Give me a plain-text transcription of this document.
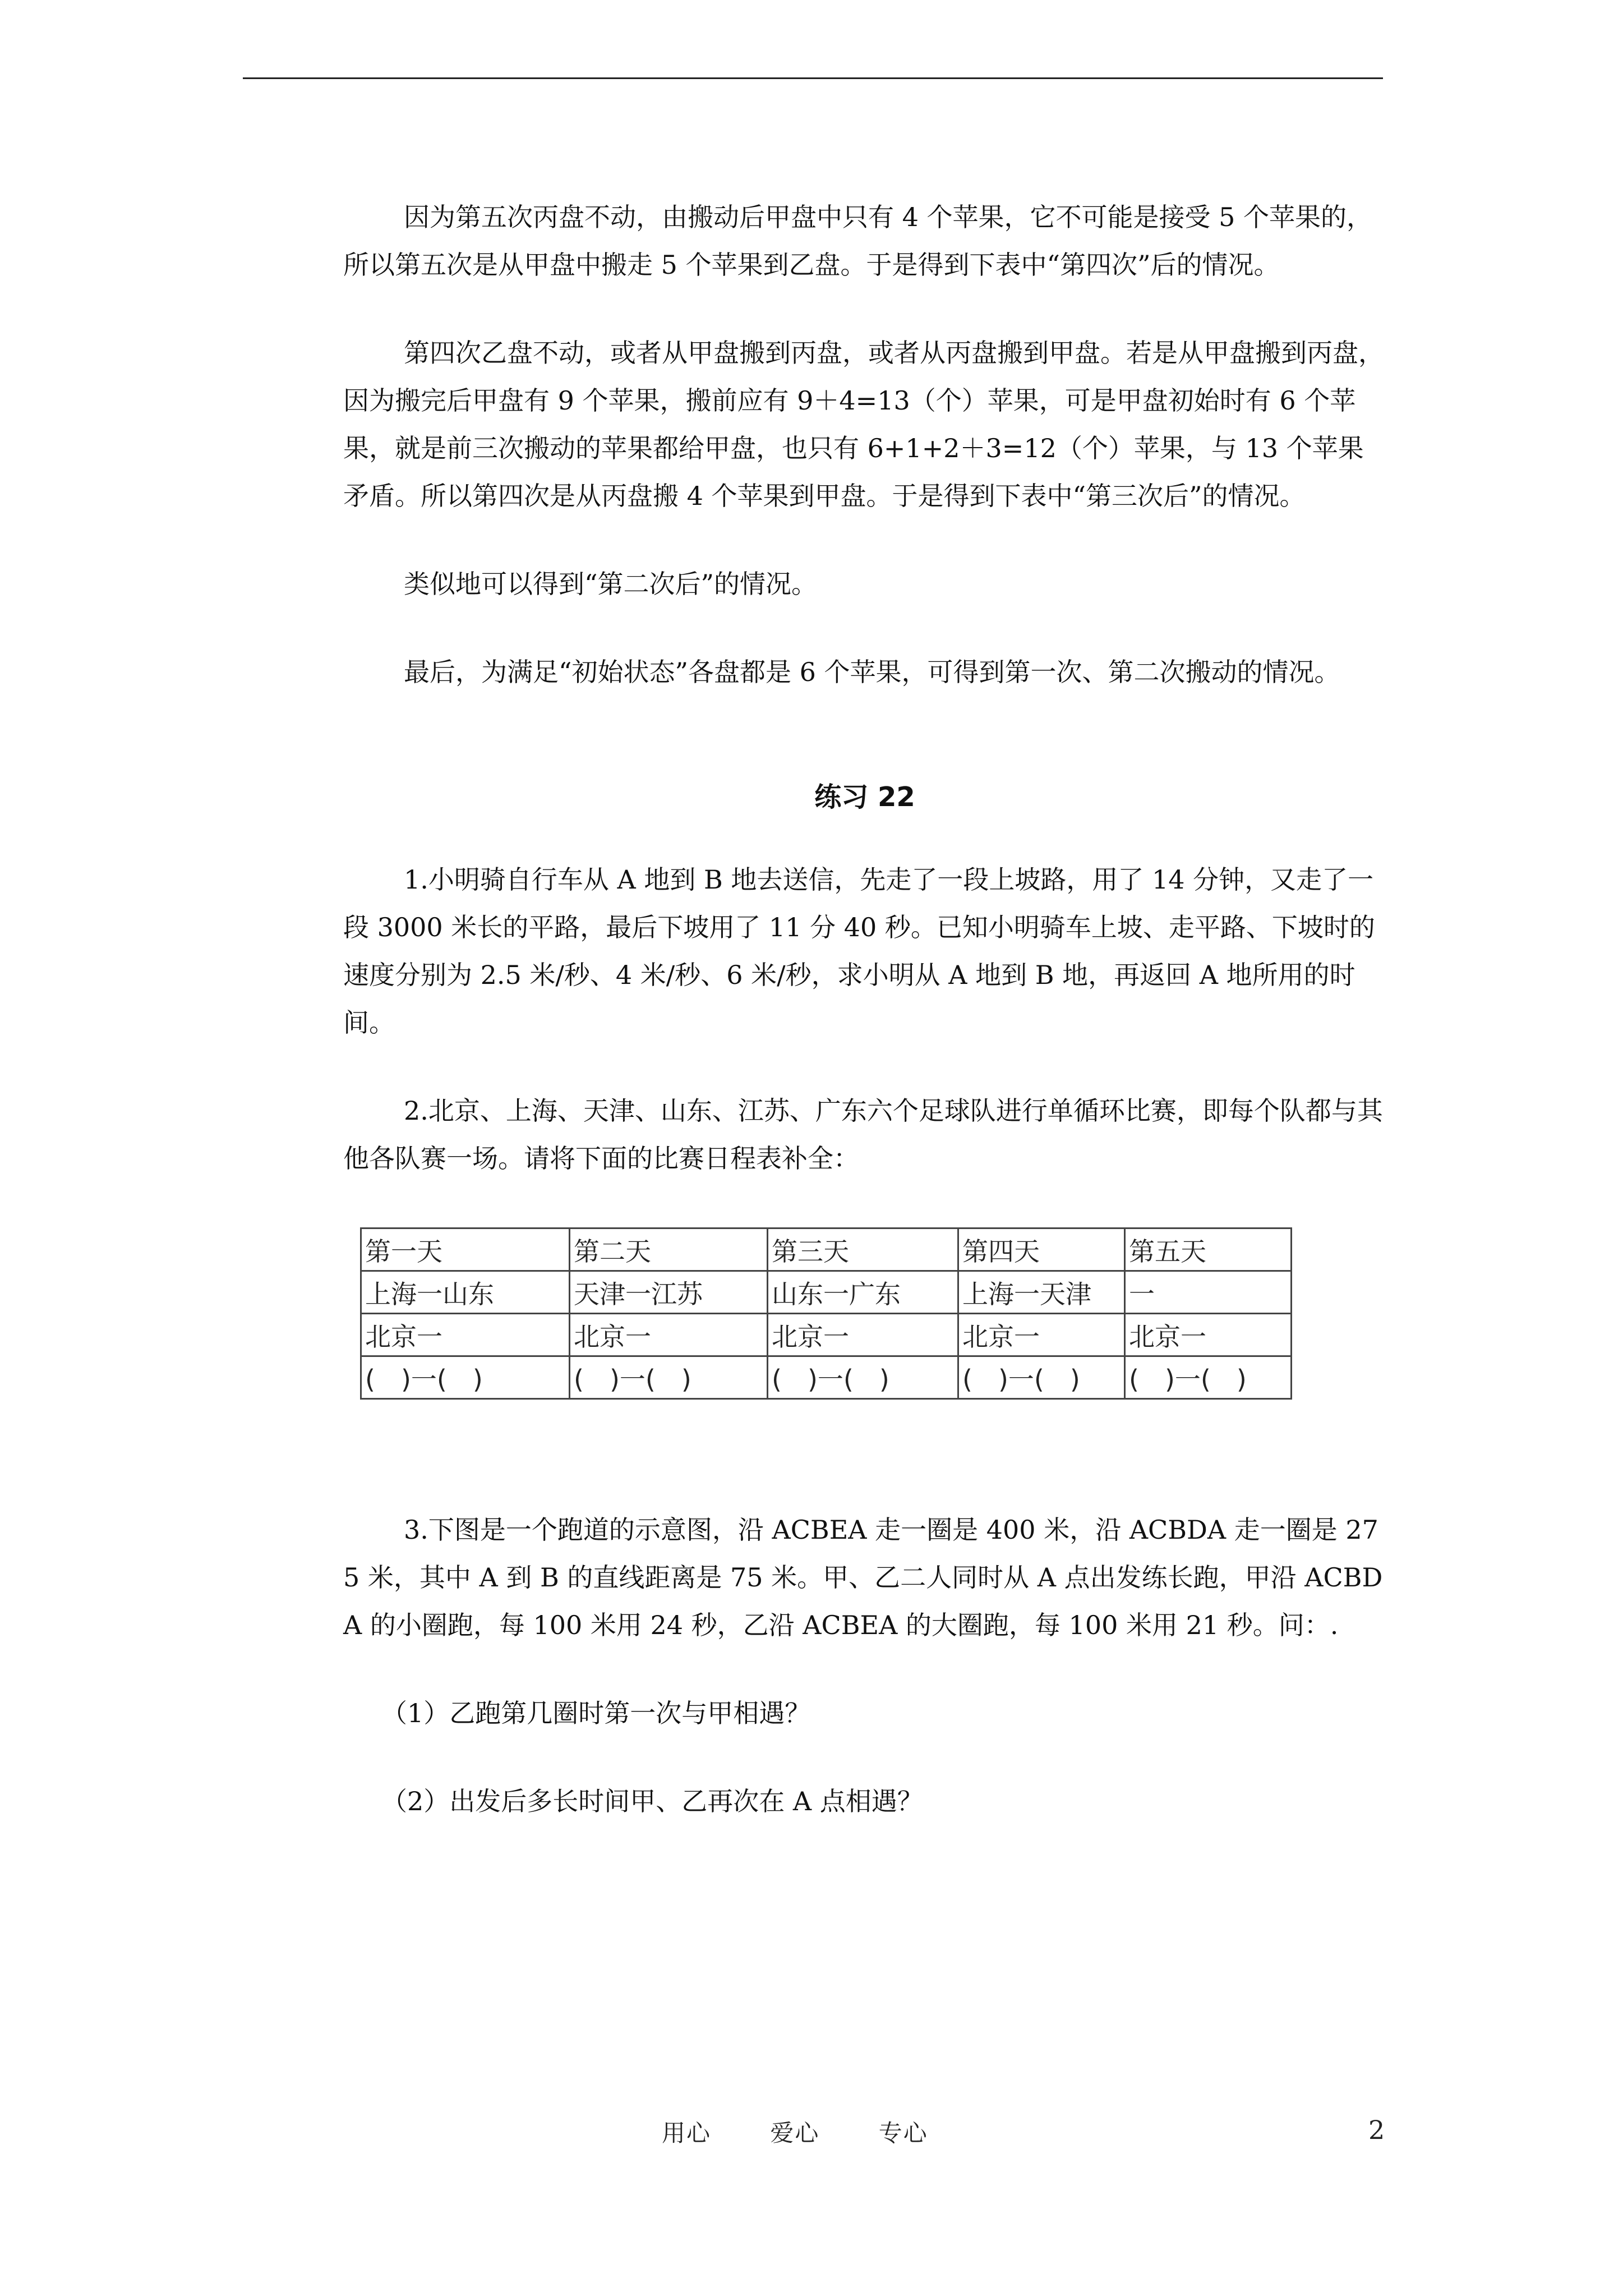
因为第五次丙盘不动，由搬动后甲盘中只有 4 个苹果，它不可能是接受 5 个苹果的，所以第五次是从甲盘中搬走 5 个苹果到乙盘。于是得到下表中“第四次”后的情况。

第四次乙盘不动，或者从甲盘搬到丙盘，或者从丙盘搬到甲盘。若是从甲盘搬到丙盘，因为搬完后甲盘有 9 个苹果，搬前应有 9＋4=13（个）苹果，可是甲盘初始时有 6 个苹果，就是前三次搬动的苹果都给甲盘，也只有 6+1+2＋3=12（个）苹果，与 13 个苹果矛盾。所以第四次是从丙盘搬 4 个苹果到甲盘。于是得到下表中“第三次后”的情况。

类似地可以得到“第二次后”的情况。

最后，为满足“初始状态”各盘都是 6 个苹果，可得到第一次、第二次搬动的情况。

练习 22

1.小明骑自行车从 A 地到 B 地去送信，先走了一段上坡路，用了 14 分钟，又走了一段 3000 米长的平路，最后下坡用了 11 分 40 秒。已知小明骑车上坡、走平路、下坡时的速度分别为 2.5 米/秒、4 米/秒、6 米/秒，求小明从 A 地到 B 地，再返回 A 地所用的时间。

2.北京、上海、天津、山东、江苏、广东六个足球队进行单循环比赛，即每个队都与其他各队赛一场。请将下面的比赛日程表补全：

第一天	第二天	第三天	第四天	第五天
上海一山东	天津一江苏	山东一广东	上海一天津	一
北京一	北京一	北京一	北京一	北京一
(　)一(　)	(　)一(　)	(　)一(　)	(　)一(　)	(　)一(　)

3.下图是一个跑道的示意图，沿 ACBEA 走一圈是 400 米，沿 ACBDA 走一圈是 275 米，其中 A 到 B 的直线距离是 75 米。甲、乙二人同时从 A 点出发练长跑，甲沿 ACBDA 的小圈跑，每 100 米用 24 秒，乙沿 ACBEA 的大圈跑，每 100 米用 21 秒。问：.

（1）乙跑第几圈时第一次与甲相遇？

（2）出发后多长时间甲、乙再次在 A 点相遇？

用心	爱心	专心	2
